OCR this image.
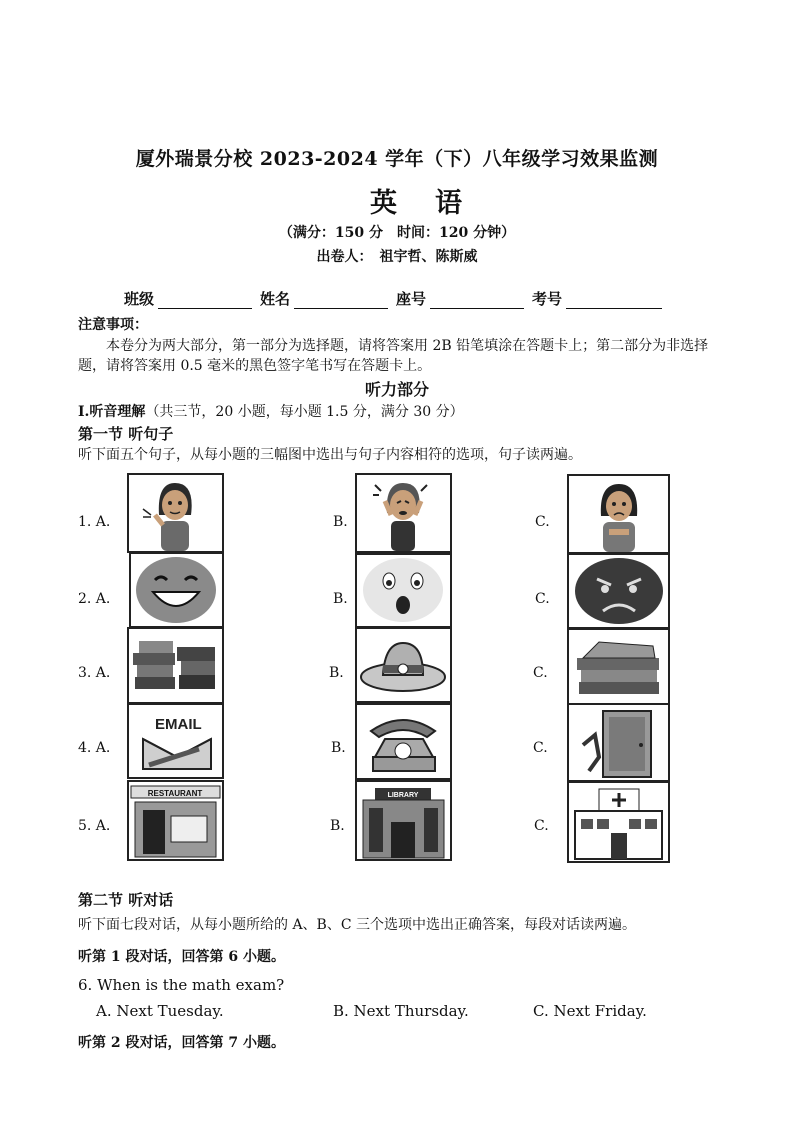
厦外瑞景分校 2023-2024 学年（下）八年级学习效果监测
英语
（满分：150 分　时间：120 分钟）
出卷人：　祖宇哲、陈斯威
班级	姓名	座号	考号
注意事项：
本卷分为两大部分，第一部分为选择题，请将答案用 2B 铅笔填涂在答题卡上；第二部分为非选择题，请将答案用 0.5 毫米的黑色签字笔书写在答题卡上。
听力部分
I.听音理解（共三节，20 小题，每小题 1.5 分，满分 30 分）
第一节 听句子
听下面五个句子，从每小题的三幅图中选出与句子内容相符的选项，句子读两遍。
1. A.	B.	C.
2. A.	B.	C.
3. A.	B.	C.
4. A.	B.	C.
5. A.	B.	C.
EMAIL
RESTAURANT	LIBRARY
第二节 听对话
听下面七段对话，从每小题所给的 A、B、C 三个选项中选出正确答案，每段对话读两遍。
听第 1 段对话，回答第 6 小题。
6. When is the math exam?
A. Next Tuesday.	B. Next Thursday.	C. Next Friday.
听第 2 段对话，回答第 7 小题。
